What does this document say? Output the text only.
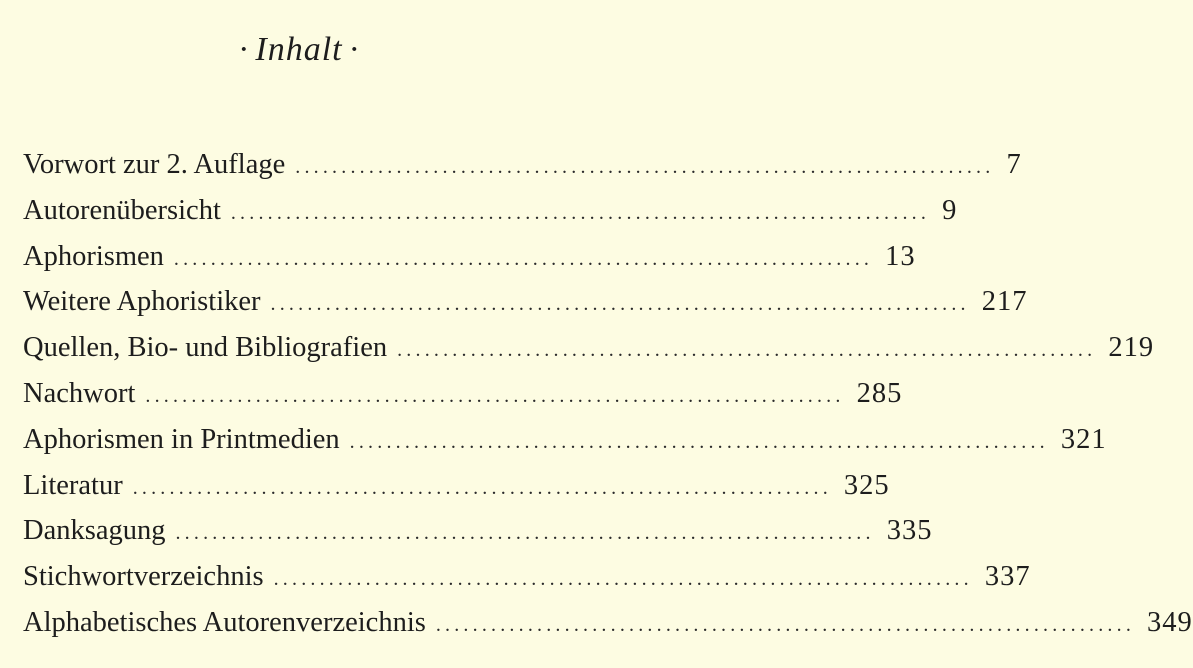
· Inhalt ·
Vorwort zur 2. Auflage ............................................................................ 7
Autorenübersicht ............................................................................ 9
Aphorismen ............................................................................ 13
Weitere Aphoristiker ............................................................................ 217
Quellen, Bio- und Bibliografien ............................................................................ 219
Nachwort ............................................................................ 285
Aphorismen in Printmedien ............................................................................ 321
Literatur ............................................................................ 325
Danksagung ............................................................................ 335
Stichwortverzeichnis ............................................................................ 337
Alphabetisches Autorenverzeichnis ............................................................................ 349
